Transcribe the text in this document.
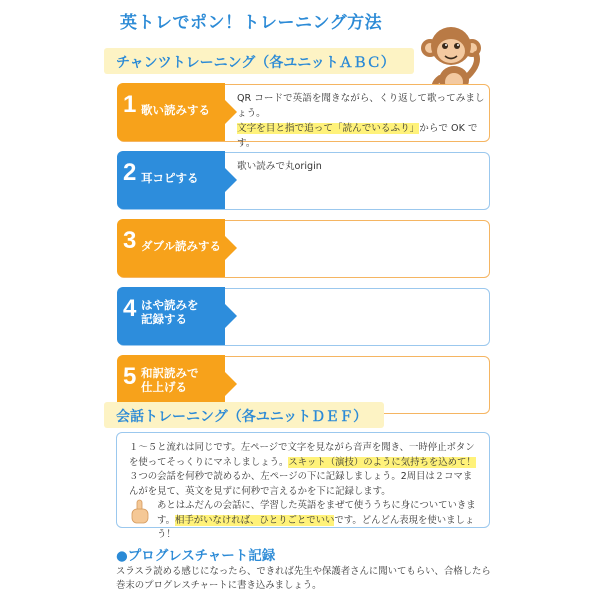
英トレでポン！トレーニング方法
チャンツトレーニング（各ユニットＡＢＣ）
1 歌い読みする
QR コードで英語を聞きながら、くり返して歌ってみましょう。
文字を目と指で追って「読んでいるふり」からで OK です。
2 耳コピする
歌い読みで丸origin
3 ダブル読みする
4 はや読みを
記録する
5 和訳読みで
仕上げる
会話トレーニング（各ユニットＤＥＦ）
１～５と流れは同じです。左ページで文字を見ながら音声を聞き、一時停止ボタンを使ってそっくりにマネしましょう。スキット（演技）のように気持ちを込めて！３つの会話を何秒で読めるか、左ページの下に記録しましょう。2周目は２コマまんがを見て、英文を見ずに何秒で言えるかを下に記録します。
あとはふだんの会話に、学習した英語をまぜて使ううちに身についていきます。相手がいなければ、ひとりごとでいいです。どんどん表現を使いましょう！
●プログレスチャート記録
スラスラ読める感じになったら、できれば先生や保護者さんに聞いてもらい、合格したら巻末のプログレスチャートに書き込みましょう。
